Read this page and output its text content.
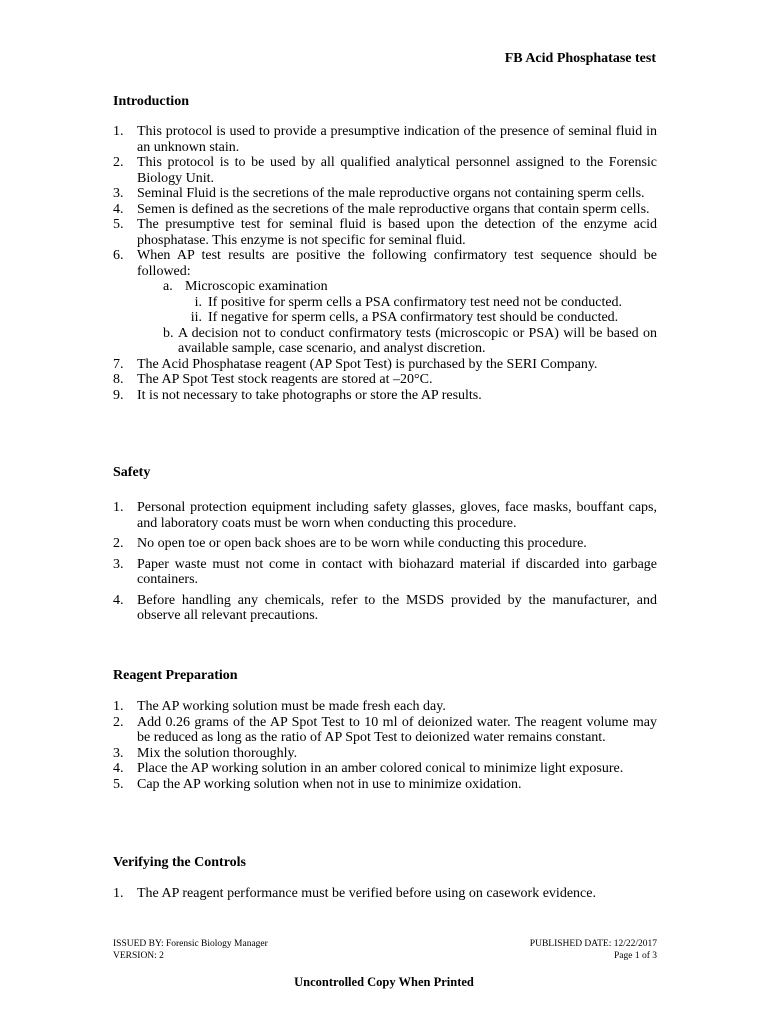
FB Acid Phosphatase test
Introduction
1. This protocol is used to provide a presumptive indication of the presence of seminal fluid in an unknown stain.
2. This protocol is to be used by all qualified analytical personnel assigned to the Forensic Biology Unit.
3. Seminal Fluid is the secretions of the male reproductive organs not containing sperm cells.
4. Semen is defined as the secretions of the male reproductive organs that contain sperm cells.
5. The presumptive test for seminal fluid is based upon the detection of the enzyme acid phosphatase. This enzyme is not specific for seminal fluid.
6. When AP test results are positive the following confirmatory test sequence should be followed:
a. Microscopic examination
i. If positive for sperm cells a PSA confirmatory test need not be conducted.
ii. If negative for sperm cells, a PSA confirmatory test should be conducted.
b. A decision not to conduct confirmatory tests (microscopic or PSA) will be based on available sample, case scenario, and analyst discretion.
7. The Acid Phosphatase reagent (AP Spot Test) is purchased by the SERI Company.
8. The AP Spot Test stock reagents are stored at –20°C.
9. It is not necessary to take photographs or store the AP results.
Safety
1. Personal protection equipment including safety glasses, gloves, face masks, bouffant caps, and laboratory coats must be worn when conducting this procedure.
2. No open toe or open back shoes are to be worn while conducting this procedure.
3. Paper waste must not come in contact with biohazard material if discarded into garbage containers.
4. Before handling any chemicals, refer to the MSDS provided by the manufacturer, and observe all relevant precautions.
Reagent Preparation
1. The AP working solution must be made fresh each day.
2. Add 0.26 grams of the AP Spot Test to 10 ml of deionized water. The reagent volume may be reduced as long as the ratio of AP Spot Test to deionized water remains constant.
3. Mix the solution thoroughly.
4. Place the AP working solution in an amber colored conical to minimize light exposure.
5. Cap the AP working solution when not in use to minimize oxidation.
Verifying the Controls
1. The AP reagent performance must be verified before using on casework evidence.
ISSUED BY: Forensic Biology Manager
VERSION: 2
PUBLISHED DATE: 12/22/2017
Page 1 of 3
Uncontrolled Copy When Printed
